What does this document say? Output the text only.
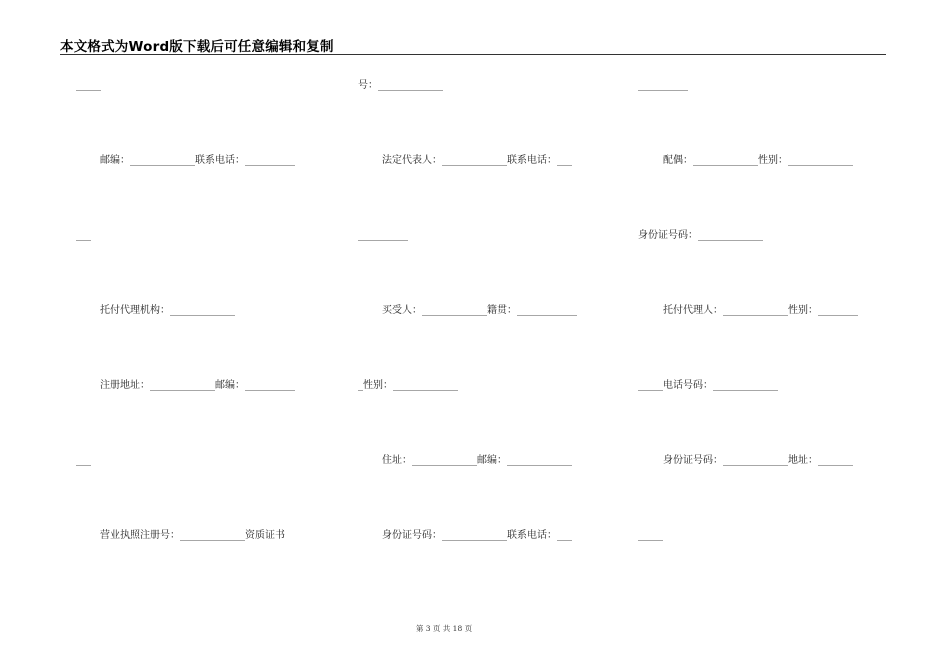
本文格式为Word版下载后可任意编辑和复制
_____	号：_____________	__________
邮编：_____________联系电话：__________	法定代表人：_____________联系电话：___	配偶：_____________性别：_____________
___	__________	身份证号码：_____________
托付代理机构：_____________	买受人：_____________籍贯：____________	托付代理人：_____________性别：________
注册地址：_____________邮编：__________	_性别：_____________	_____电话号码：_____________
___	住址：_____________邮编：_____________	身份证号码：_____________地址：_______
营业执照注册号：_____________资质证书	身份证号码：_____________联系电话：___	_____
第 3 页 共 18 页
